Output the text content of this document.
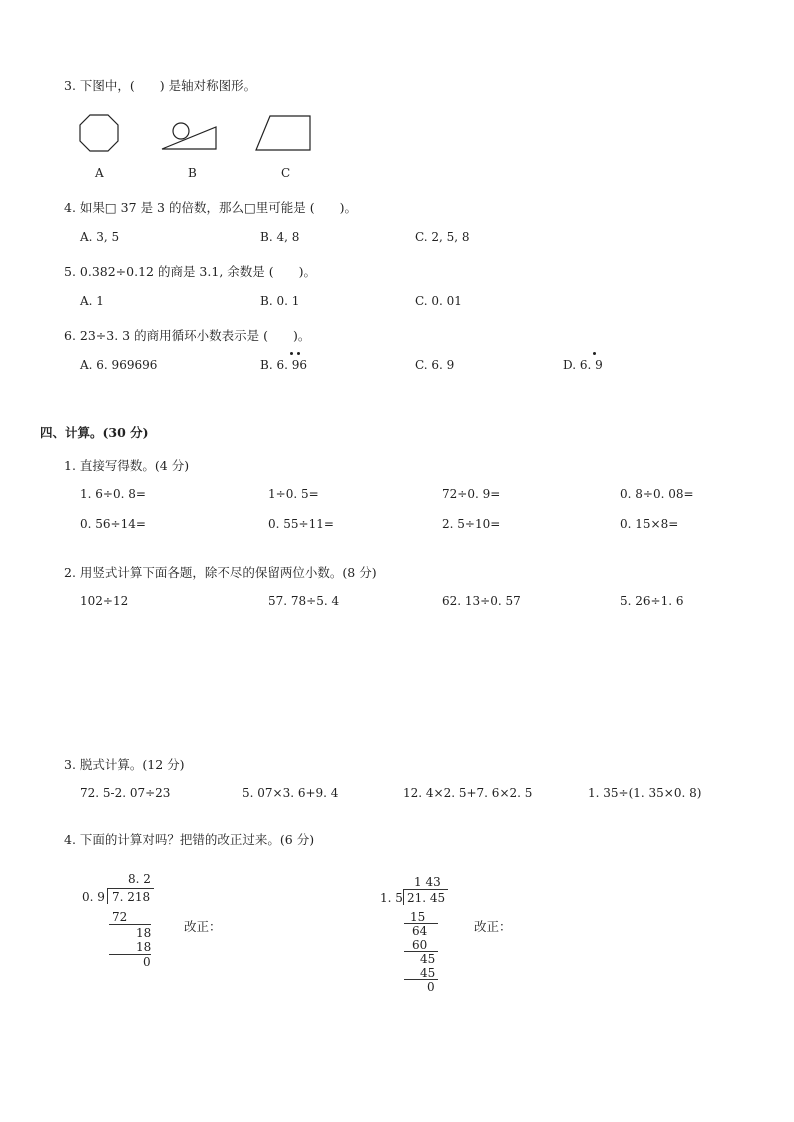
3. 下图中，(　　) 是轴对称图形。
A	B	C
4. 如果□ 37 是 3 的倍数，那么□里可能是 (　　)。
A. 3, 5	B. 4, 8	C. 2, 5, 8
5. 0.382÷0.12 的商是 3.1, 余数是 (　　)。
A. 1	B. 0. 1	C. 0. 01
6. 23÷3. 3 的商用循环小数表示是 (　　)。
A. 6. 969696	B. 6. 96	C. 6. 9	D. 6. 9
四、计算。(30 分)
1. 直接写得数。(4 分)
1. 6÷0. 8=	1÷0. 5=	72÷0. 9=	0. 8÷0. 08=
0. 56÷14=	0. 55÷11=	2. 5÷10=	0. 15×8=
2. 用竖式计算下面各题，除不尽的保留两位小数。(8 分)
102÷12	57. 78÷5. 4	62. 13÷0. 57	5. 26÷1. 6
3. 脱式计算。(12 分)
72. 5-2. 07÷23	5. 07×3. 6+9. 4	12. 4×2. 5+7. 6×2. 5	1. 35÷(1. 35×0. 8)
4. 下面的计算对吗？把错的改正过来。(6 分)
8. 2
0. 9 7. 218
72
18
18
0
改正：
1 43
1. 5 21. 45
15
64
60
45
45
0
改正：
